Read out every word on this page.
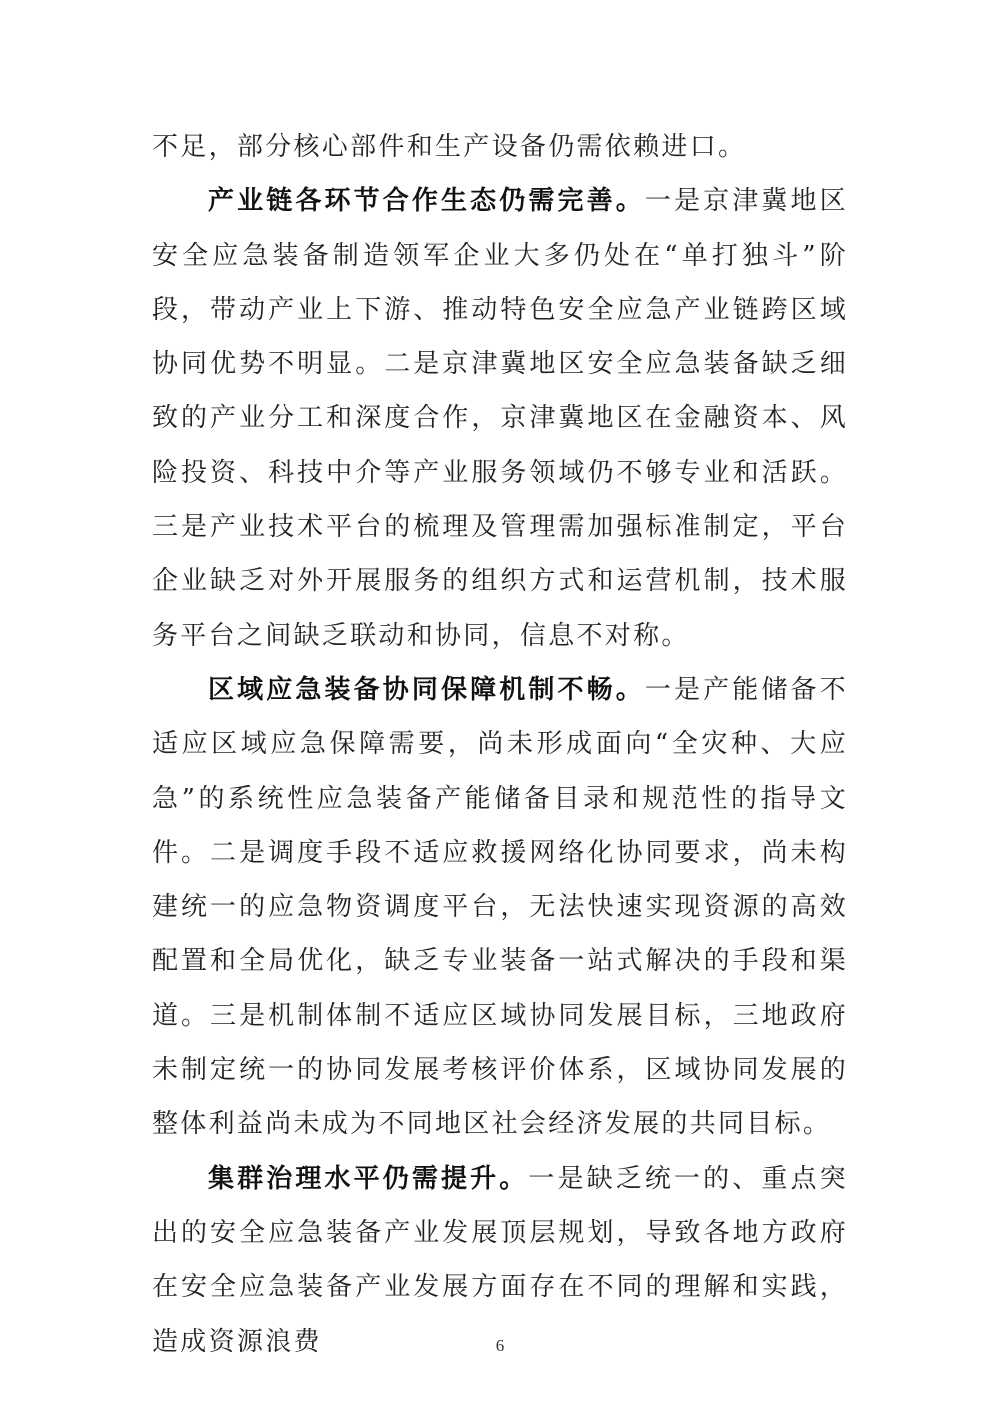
不足，部分核心部件和生产设备仍需依赖进口。

产业链各环节合作生态仍需完善。一是京津冀地区安全应急装备制造领军企业大多仍处在“单打独斗”阶段，带动产业上下游、推动特色安全应急产业链跨区域协同优势不明显。二是京津冀地区安全应急装备缺乏细致的产业分工和深度合作，京津冀地区在金融资本、风险投资、科技中介等产业服务领域仍不够专业和活跃。三是产业技术平台的梳理及管理需加强标准制定，平台企业缺乏对外开展服务的组织方式和运营机制，技术服务平台之间缺乏联动和协同，信息不对称。

区域应急装备协同保障机制不畅。一是产能储备不适应区域应急保障需要，尚未形成面向“全灾种、大应急”的系统性应急装备产能储备目录和规范性的指导文件。二是调度手段不适应救援网络化协同要求，尚未构建统一的应急物资调度平台，无法快速实现资源的高效配置和全局优化，缺乏专业装备一站式解决的手段和渠道。三是机制体制不适应区域协同发展目标，三地政府未制定统一的协同发展考核评价体系，区域协同发展的整体利益尚未成为不同地区社会经济发展的共同目标。

集群治理水平仍需提升。一是缺乏统一的、重点突出的安全应急装备产业发展顶层规划，导致各地方政府在安全应急装备产业发展方面存在不同的理解和实践，造成资源浪费	6
